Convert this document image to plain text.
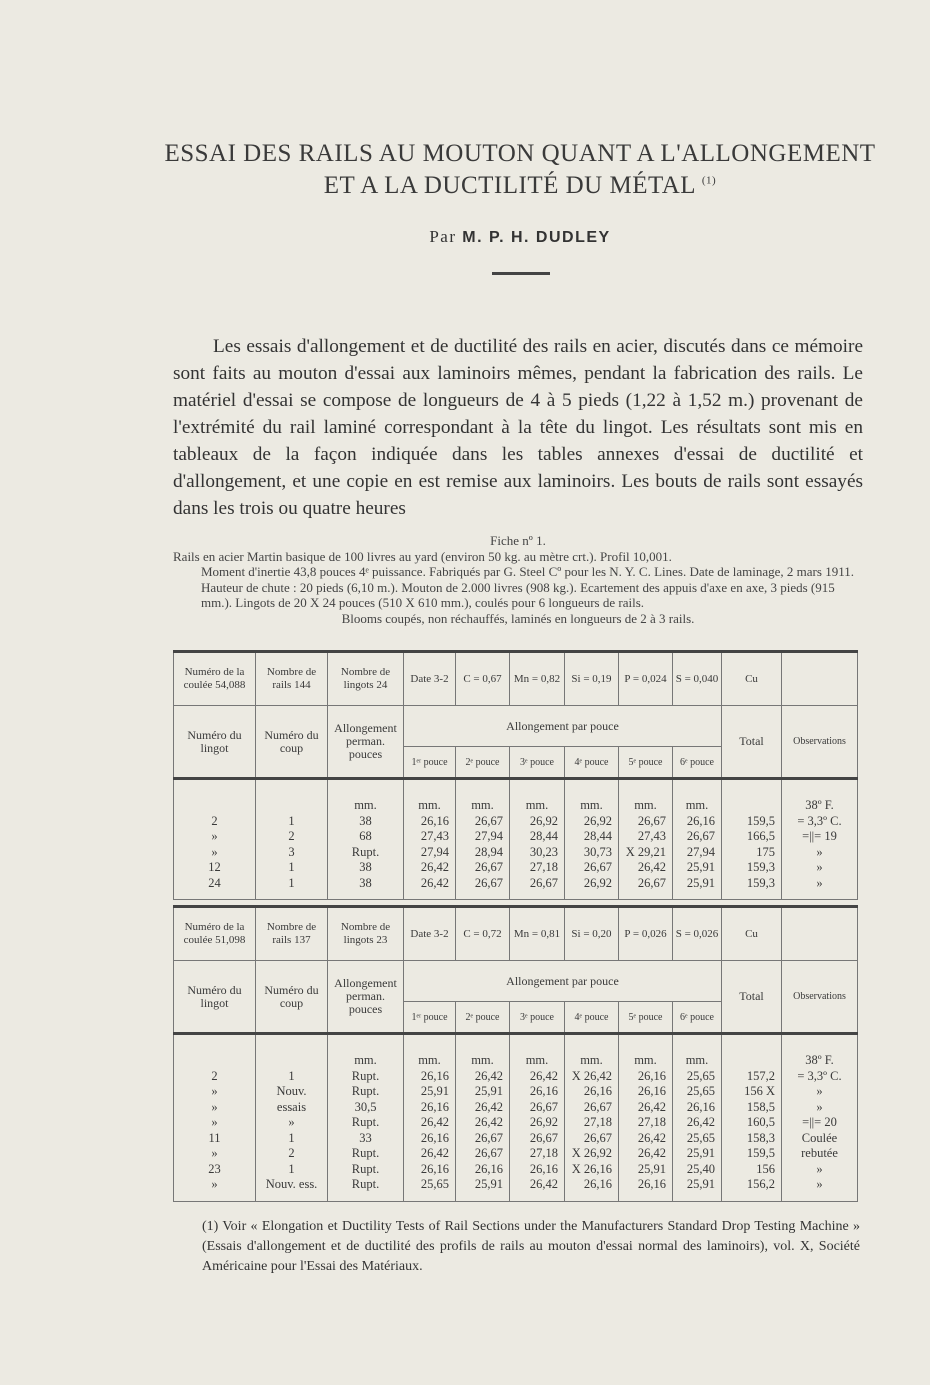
ESSAI DES RAILS AU MOUTON QUANT A L'ALLONGEMENT
ET A LA DUCTILITÉ DU MÉTAL $^{(1)}$
Par M. P. H. DUDLEY
Les essais d'allongement et de ductilité des rails en acier, discutés dans ce mémoire sont faits au mouton d'essai aux laminoirs mêmes, pendant la fabrication des rails. Le matériel d'essai se compose de longueurs de 4 à 5 pieds (1,22 à 1,52 m.) provenant de l'extrémité du rail laminé correspondant à la tête du lingot. Les résultats sont mis en tableaux de la façon indiquée dans les tables annexes d'essai de ductilité et d'allongement, et une copie en est remise aux laminoirs. Les bouts de rails sont essayés dans les trois ou quatre heures
Fiche nº 1.
Rails en acier Martin basique de 100 livres au yard (environ 50 kg. au mètre crt.). Profil 10,001.
Moment d'inertie 43,8 pouces 4ᵉ puissance. Fabriqués par G. Steel Cº pour les N. Y. C. Lines. Date de laminage, 2 mars 1911. Hauteur de chute : 20 pieds (6,10 m.). Mouton de 2.000 livres (908 kg.). Ecartement des appuis d'axe en axe, 3 pieds (915 mm.). Lingots de 20 X 24 pouces (510 X 610 mm.), coulés pour 6 longueurs de rails.
Blooms coupés, non réchauffés, laminés en longueurs de 2 à 3 rails.
Numéro de la coulée 54,088	Nombre de rails 144	Nombre de lingots 24	Date 3-2	C = 0,67	Mn = 0,82	Si = 0,19	P = 0,024	S = 0,040	Cu	
Numéro du lingot	Numéro du coup	Allongement perman. pouces	Allongement par pouce						Total	Observations
			1ᵉʳ pouce	2ᵉ pouce	3ᵉ pouce	4ᵉ pouce	5ᵉ pouce	6ᵉ pouce		
		mm.	mm.	mm.	mm.	mm.	mm.	mm.		38º F.
2	1	38	26,16	26,67	26,92	26,92	26,67	26,16	159,5	= 3,3º C.
»	2	68	27,43	27,94	28,44	28,44	27,43	26,67	166,5	=||= 19
»	3	Rupt.	27,94	28,94	30,23	30,73	X 29,21	27,94	175	»
12	1	38	26,42	26,67	27,18	26,67	26,42	25,91	159,3	»
24	1	38	26,42	26,67	26,67	26,92	26,67	25,91	159,3	»
Numéro de la coulée 51,098	Nombre de rails 137	Nombre de lingots 23	Date 3-2	C = 0,72	Mn = 0,81	Si = 0,20	P = 0,026	S = 0,026	Cu	
Numéro du lingot	Numéro du coup	Allongement perman. pouces	Allongement par pouce						Total	Observations
			1ᵉʳ pouce	2ᵉ pouce	3ᵉ pouce	4ᵉ pouce	5ᵉ pouce	6ᵉ pouce		
		mm.	mm.	mm.	mm.	mm.	mm.	mm.		38º F.
2	1	Rupt.	26,16	26,42	26,42	X 26,42	26,16	25,65	157,2	= 3,3º C.
»	Nouv.	Rupt.	25,91	25,91	26,16	26,16	26,16	25,65	156 X	»
»	essais	30,5	26,16	26,42	26,67	26,67	26,42	26,16	158,5	»
»	»	Rupt.	26,42	26,42	26,92	27,18	27,18	26,42	160,5	=||= 20
11	1	33	26,16	26,67	26,67	26,67	26,42	25,65	158,3	Coulée
»	2	Rupt.	26,42	26,67	27,18	X 26,92	26,42	25,91	159,5	rebutée
23	1	Rupt.	26,16	26,16	26,16	X 26,16	25,91	25,40	156	»
»	Nouv. ess.	Rupt.	25,65	25,91	26,42	26,16	26,16	25,91	156,2	»
(1) Voir « Elongation et Ductility Tests of Rail Sections under the Manufacturers Standard Drop Testing Machine » (Essais d'allongement et de ductilité des profils de rails au mouton d'essai normal des laminoirs), vol. X, Société Américaine pour l'Essai des Matériaux.
